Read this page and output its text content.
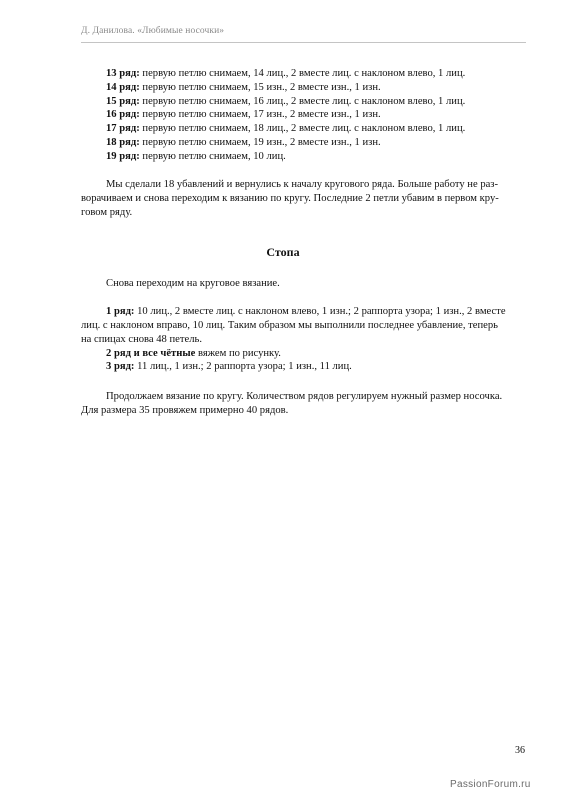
Д. Данилова. «Любимые носочки»
13 ряд: первую петлю снимаем, 14 лиц., 2 вместе лиц. с наклоном влево, 1 лиц.
14 ряд: первую петлю снимаем, 15 изн., 2 вместе изн., 1 изн.
15 ряд: первую петлю снимаем, 16 лиц., 2 вместе лиц. с наклоном влево, 1 лиц.
16 ряд: первую петлю снимаем, 17 изн., 2 вместе изн., 1 изн.
17 ряд: первую петлю снимаем, 18 лиц., 2 вместе лиц. с наклоном влево, 1 лиц.
18 ряд: первую петлю снимаем, 19 изн., 2 вместе изн., 1 изн.
19 ряд: первую петлю снимаем, 10 лиц.
Мы сделали 18 убавлений и вернулись к началу кругового ряда. Больше работу не раз-
ворачиваем и снова переходим к вязанию по кругу. Последние 2 петли убавим в первом кру-
говом ряду.
Стопа
Снова переходим на круговое вязание.
1 ряд: 10 лиц., 2 вместе лиц. с наклоном влево, 1 изн.; 2 раппорта узора; 1 изн., 2 вместе
лиц. с наклоном вправо, 10 лиц. Таким образом мы выполнили последнее убавление, теперь
на спицах снова 48 петель.
2 ряд и все чётные вяжем по рисунку.
3 ряд: 11 лиц., 1 изн.; 2 раппорта узора; 1 изн., 11 лиц.
Продолжаем вязание по кругу. Количеством рядов регулируем нужный размер носочка.
Для размера 35 провяжем примерно 40 рядов.
36
PassionForum.ru
